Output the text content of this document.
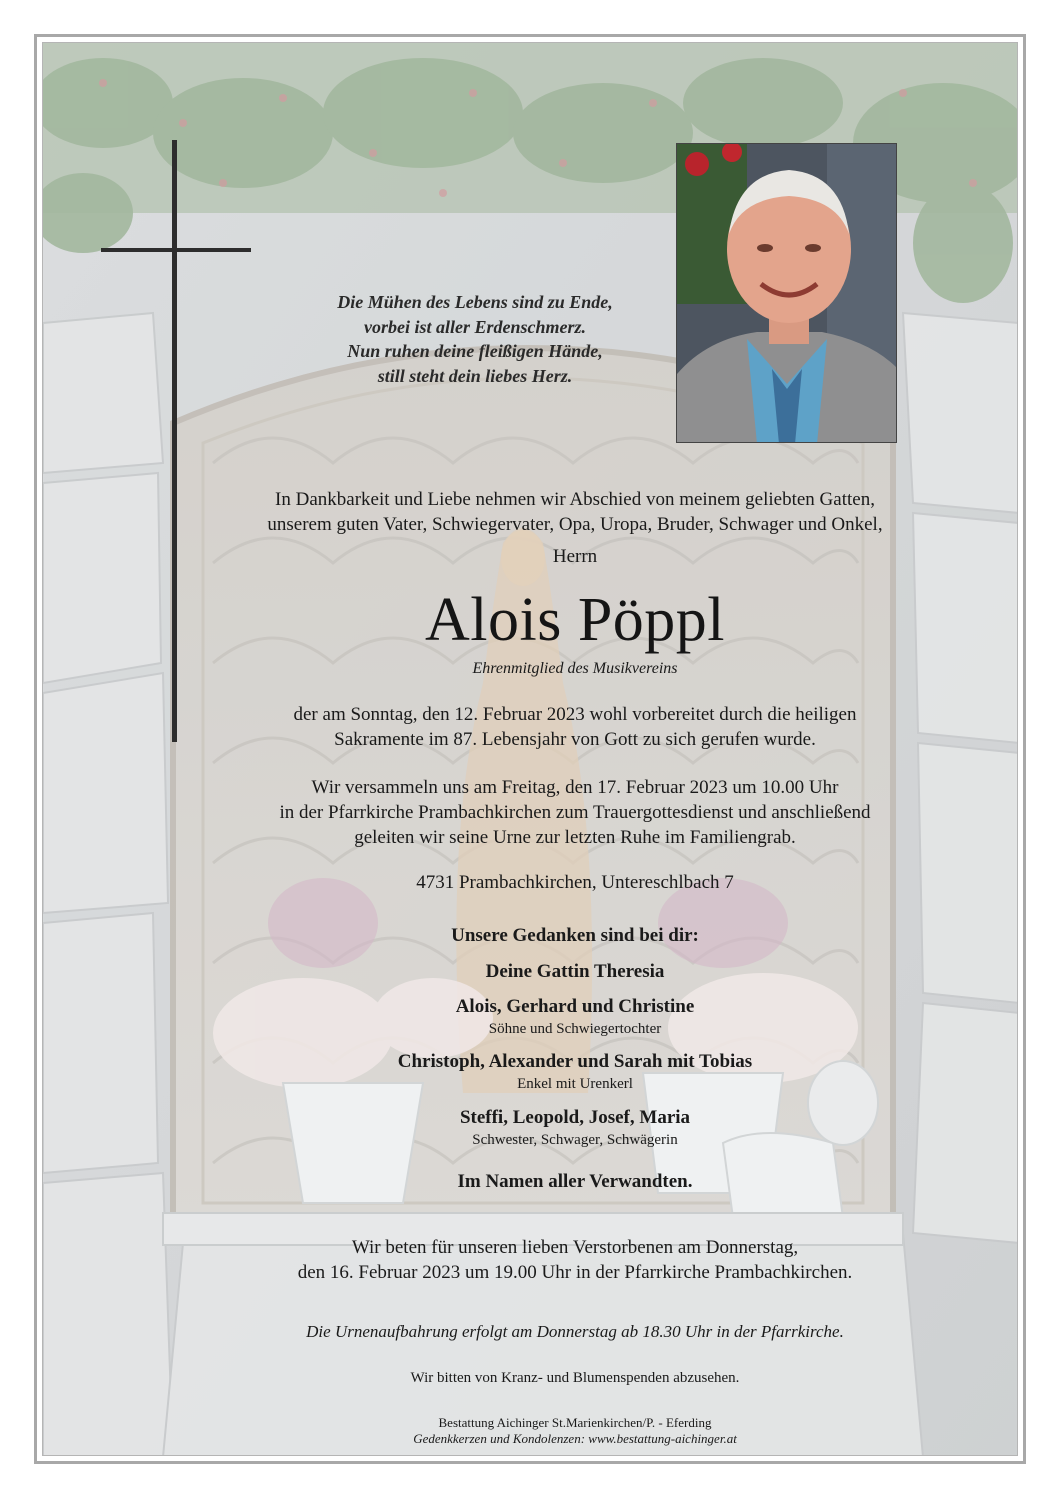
Die Mühen des Lebens sind zu Ende,
vorbei ist aller Erdenschmerz.
Nun ruhen deine fleißigen Hände,
still steht dein liebes Herz.
In Dankbarkeit und Liebe nehmen wir Abschied von meinem geliebten Gatten,
unserem guten Vater, Schwiegervater, Opa, Uropa, Bruder, Schwager und Onkel,
Herrn
Alois Pöppl
Ehrenmitglied des Musikvereins
der am Sonntag, den 12. Februar 2023 wohl vorbereitet durch die heiligen
Sakramente im 87. Lebensjahr von Gott zu sich gerufen wurde.
Wir versammeln uns am Freitag, den 17. Februar 2023 um 10.00 Uhr
in der Pfarrkirche Prambachkirchen zum Trauergottesdienst und anschließend
geleiten wir seine Urne zur letzten Ruhe im Familiengrab.
4731 Prambachkirchen, Untereschlbach 7
Unsere Gedanken sind bei dir:
Deine Gattin Theresia
Alois, Gerhard und Christine
Söhne und Schwiegertochter
Christoph, Alexander und Sarah mit Tobias
Enkel mit Urenkerl
Steffi, Leopold, Josef, Maria
Schwester, Schwager, Schwägerin
Im Namen aller Verwandten.
Wir beten für unseren lieben Verstorbenen am Donnerstag,
den 16. Februar 2023 um 19.00 Uhr in der Pfarrkirche Prambachkirchen.
Die Urnenaufbahrung erfolgt am Donnerstag ab 18.30 Uhr in der Pfarrkirche.
Wir bitten von Kranz- und Blumenspenden abzusehen.
Bestattung Aichinger St.Marienkirchen/P. - Eferding
Gedenkkerzen und Kondolenzen: www.bestattung-aichinger.at
